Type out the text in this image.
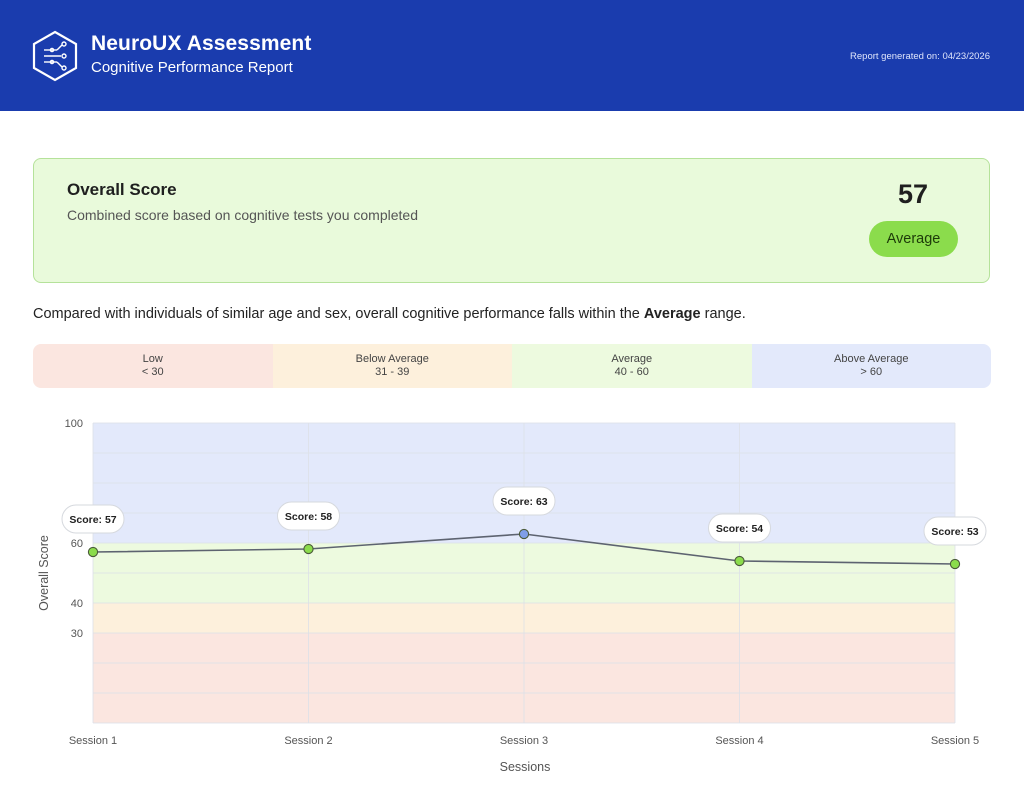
NeuroUX Assessment
Cognitive Performance Report
Report generated on: 04/23/2026
Overall Score
Combined score based on cognitive tests you completed
57
Average
Compared with individuals of similar age and sex, overall cognitive performance falls within the Average range.
Low
< 30
Below Average
31 - 39
Average
40 - 60
Above Average
> 60
30
40
60
100
Session 1	Session 2	Session 3	Session 4	Session 5
Sessions
Overall Score
Score: 57	Score: 58
Score: 63
Score: 54	Score: 53
